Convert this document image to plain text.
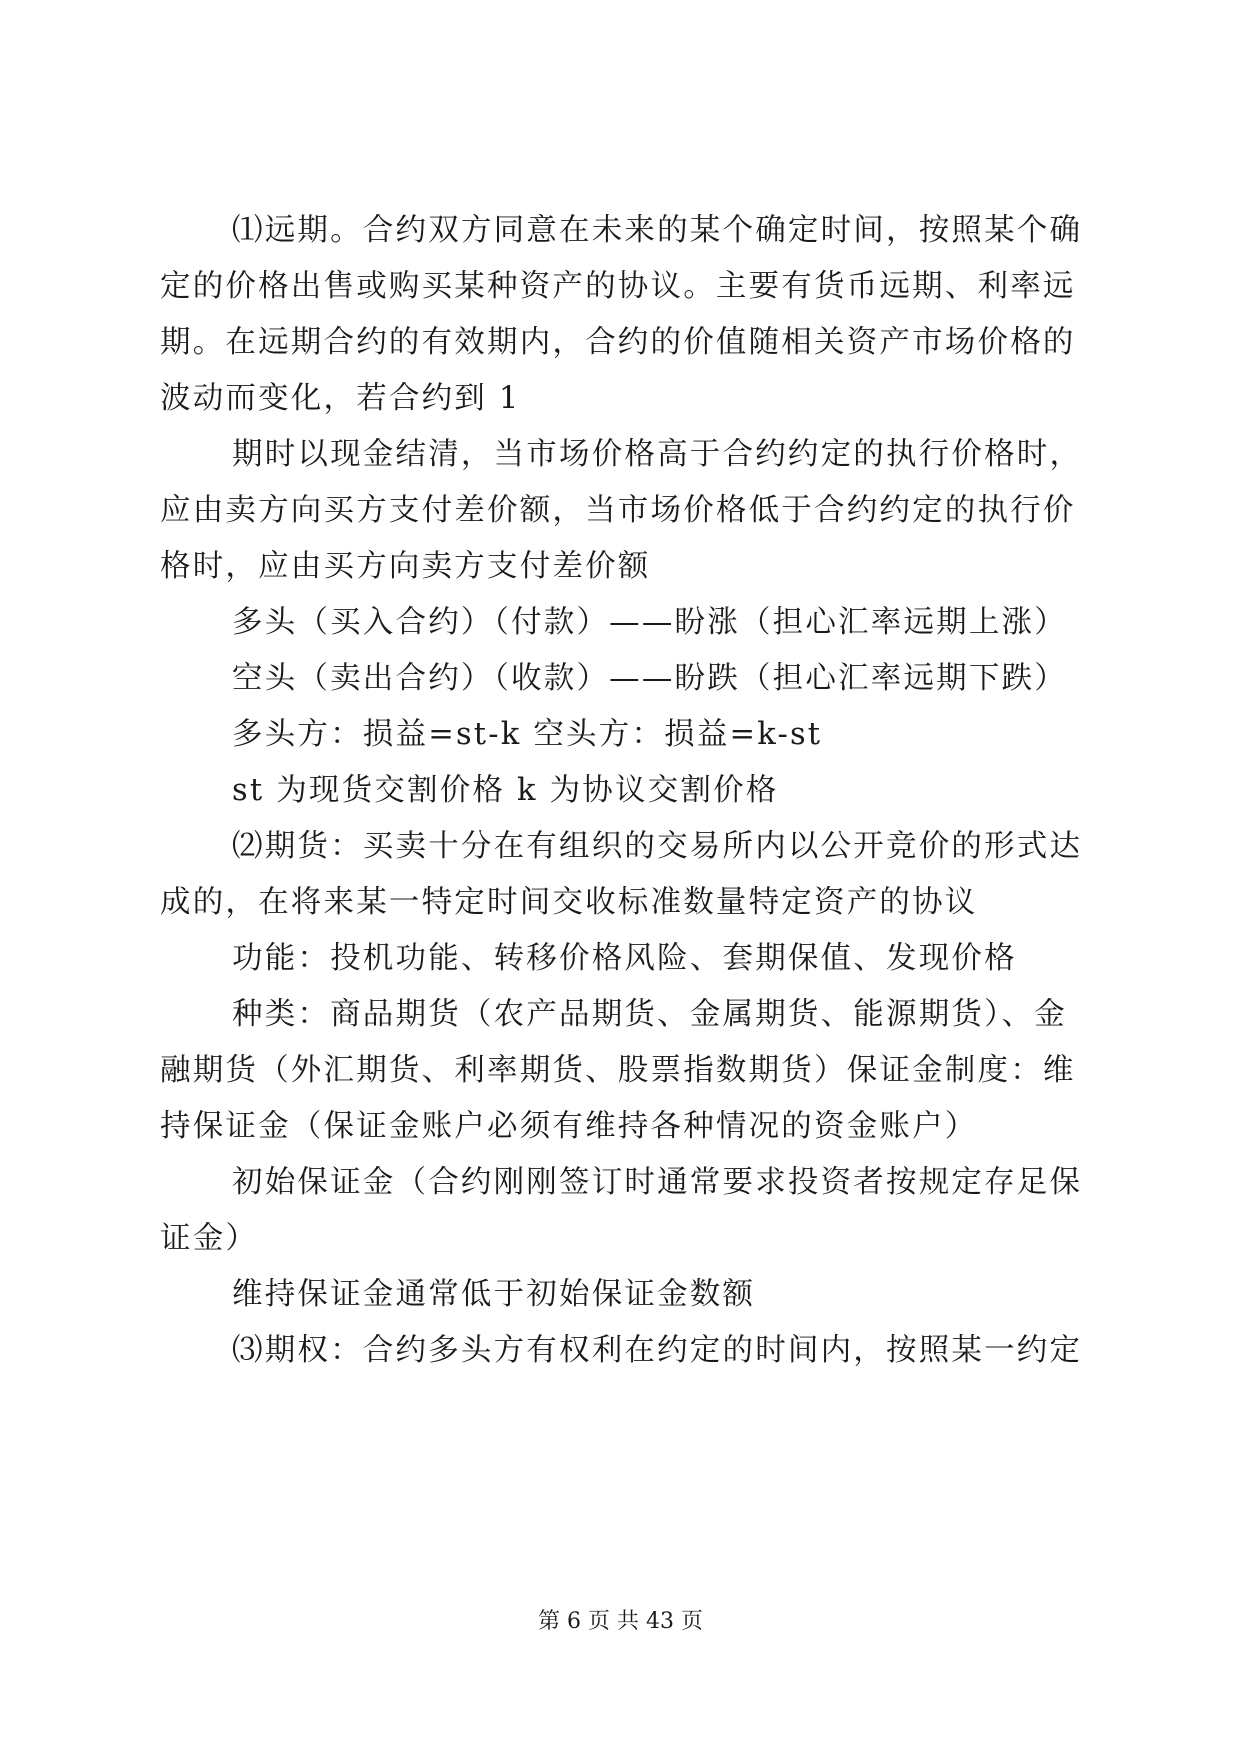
⑴远期。合约双方同意在未来的某个确定时间，按照某个确
定的价格出售或购买某种资产的协议。主要有货币远期、利率远
期。在远期合约的有效期内，合约的价值随相关资产市场价格的
波动而变化，若合约到 1
期时以现金结清，当市场价格高于合约约定的执行价格时，
应由卖方向买方支付差价额，当市场价格低于合约约定的执行价
格时，应由买方向卖方支付差价额
多头（买入合约）（付款）——盼涨（担心汇率远期上涨）
空头（卖出合约）（收款）——盼跌（担心汇率远期下跌）
多头方：损益=st-k 空头方：损益=k-st
st 为现货交割价格 k 为协议交割价格
⑵期货：买卖十分在有组织的交易所内以公开竞价的形式达
成的，在将来某一特定时间交收标准数量特定资产的协议
功能：投机功能、转移价格风险、套期保值、发现价格
种类：商品期货（农产品期货、金属期货、能源期货）、金
融期货（外汇期货、利率期货、股票指数期货）保证金制度：维
持保证金（保证金账户必须有维持各种情况的资金账户）
初始保证金（合约刚刚签订时通常要求投资者按规定存足保
证金）
维持保证金通常低于初始保证金数额
⑶期权：合约多头方有权利在约定的时间内，按照某一约定
第 6 页 共 43 页
